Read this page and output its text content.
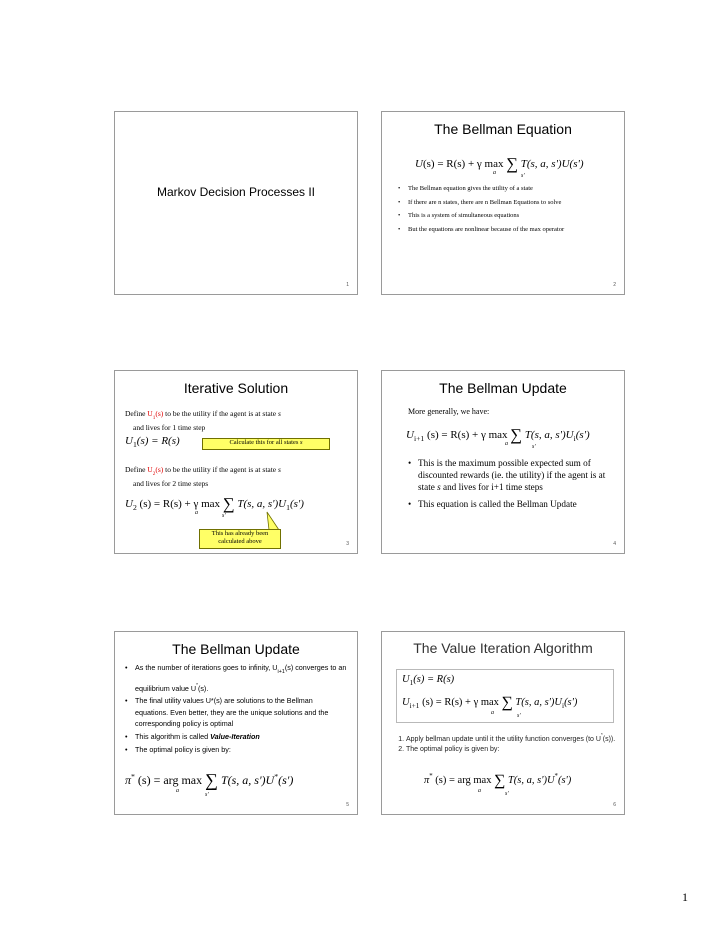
Markov Decision Processes II
1
The Bellman Equation
U(s) = R(s) + γ max ∑ T(s, a, s')U(s')
a	s'
• The Bellman equation gives the utility of a state
• If there are n states, there are n Bellman Equations to solve
• This is a system of simultaneous equations
• But the equations are nonlinear because of the max operator
2
Iterative Solution
Define $U_1(s)$ to be the utility if the agent is at state s
and lives for 1 time step
$U_1(s) = R(s)$	Calculate this for all states s
Define $U_2(s)$ to be the utility if the agent is at state s
and lives for 2 time steps
$U_2$ (s) = R(s) + γ max ∑ T(s, a, $s')U_1(s')$
a	s'
This has already been calculated above	3
The Bellman Update
More generally, we have:
$U_{i+1}$ (s) = R(s) + γ max ∑ T(s, a, $s')U_i(s')$
a	s'
• This is the maximum possible expected sum of discounted rewards (ie. the utility) if the agent is at state s and lives for i+1 time steps
• This equation is called the Bellman Update
4
The Bellman Update
• As the number of iterations goes to infinity, $U_{i+1}(s)$ converges to an equilibrium value U*(s).
• The final utility values U*(s) are solutions to the Bellman equations. Even better, they are the unique solutions and the corresponding policy is optimal
• This algorithm is called Value-Iteration
• The optimal policy is given by:
π* (s) = arg max ∑ T(s, a, s')U*(s')
a
s'
5
The Value Iteration Algorithm
$U_1(s) = R(s)$
$U_{i+1}$ (s) = R(s) + γ max ∑ T(s, a, $s')U_i(s')$
a	s'
1. Apply bellman update until it the utility function converges (to U*(s)).
2. The optimal policy is given by:
π* (s) = arg max ∑ T(s, a, s')U*(s')
a	s'
6
1
